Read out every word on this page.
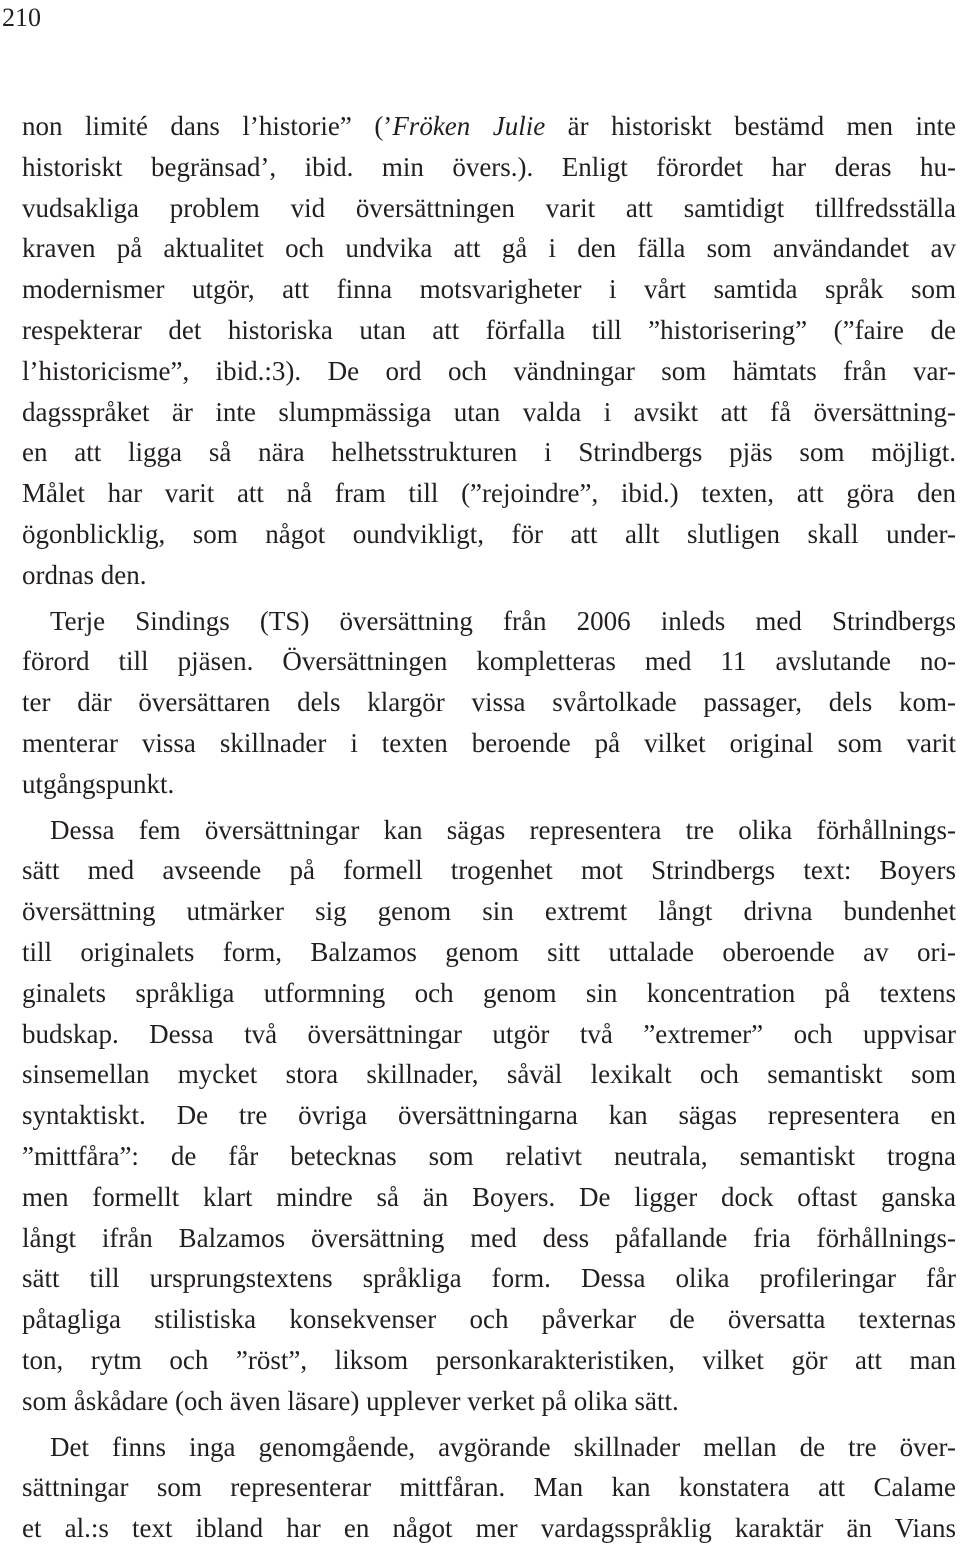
210
non limité dans l’historie” (’Fröken Julie är historiskt bestämd men inte
historiskt begränsad’, ibid. min övers.). Enligt förordet har deras hu-
vudsakliga problem vid översättningen varit att samtidigt tillfredsställa
kraven på aktualitet och undvika att gå i den fälla som användandet av
modernismer utgör, att finna motsvarigheter i vårt samtida språk som
respekterar det historiska utan att förfalla till ”historisering” (”faire de
l’historicisme”, ibid.:3). De ord och vändningar som hämtats från var-
dagsspråket är inte slumpmässiga utan valda i avsikt att få översättning-
en att ligga så nära helhetsstrukturen i Strindbergs pjäs som möjligt.
Målet har varit att nå fram till (”rejoindre”, ibid.) texten, att göra den
ögonblicklig, som något oundvikligt, för att allt slutligen skall under-
ordnas den.
Terje Sindings (TS) översättning från 2006 inleds med Strindbergs
förord till pjäsen. Översättningen kompletteras med 11 avslutande no-
ter där översättaren dels klargör vissa svårtolkade passager, dels kom-
menterar vissa skillnader i texten beroende på vilket original som varit
utgångspunkt.
Dessa fem översättningar kan sägas representera tre olika förhållnings-
sätt med avseende på formell trogenhet mot Strindbergs text: Boyers
översättning utmärker sig genom sin extremt långt drivna bundenhet
till originalets form, Balzamos genom sitt uttalade oberoende av ori-
ginalets språkliga utformning och genom sin koncentration på textens
budskap. Dessa två översättningar utgör två ”extremer” och uppvisar
sinsemellan mycket stora skillnader, såväl lexikalt och semantiskt som
syntaktiskt. De tre övriga översättningarna kan sägas representera en
”mittfåra”: de får betecknas som relativt neutrala, semantiskt trogna
men formellt klart mindre så än Boyers. De ligger dock oftast ganska
långt ifrån Balzamos översättning med dess påfallande fria förhållnings-
sätt till ursprungstextens språkliga form. Dessa olika profileringar får
påtagliga stilistiska konsekvenser och påverkar de översatta texternas
ton, rytm och ”röst”, liksom personkarakteristiken, vilket gör att man
som åskådare (och även läsare) upplever verket på olika sätt.
Det finns inga genomgående, avgörande skillnader mellan de tre över-
sättningar som representerar mittfåran. Man kan konstatera att Calame
et al.:s text ibland har en något mer vardagsspråklig karaktär än Vians
